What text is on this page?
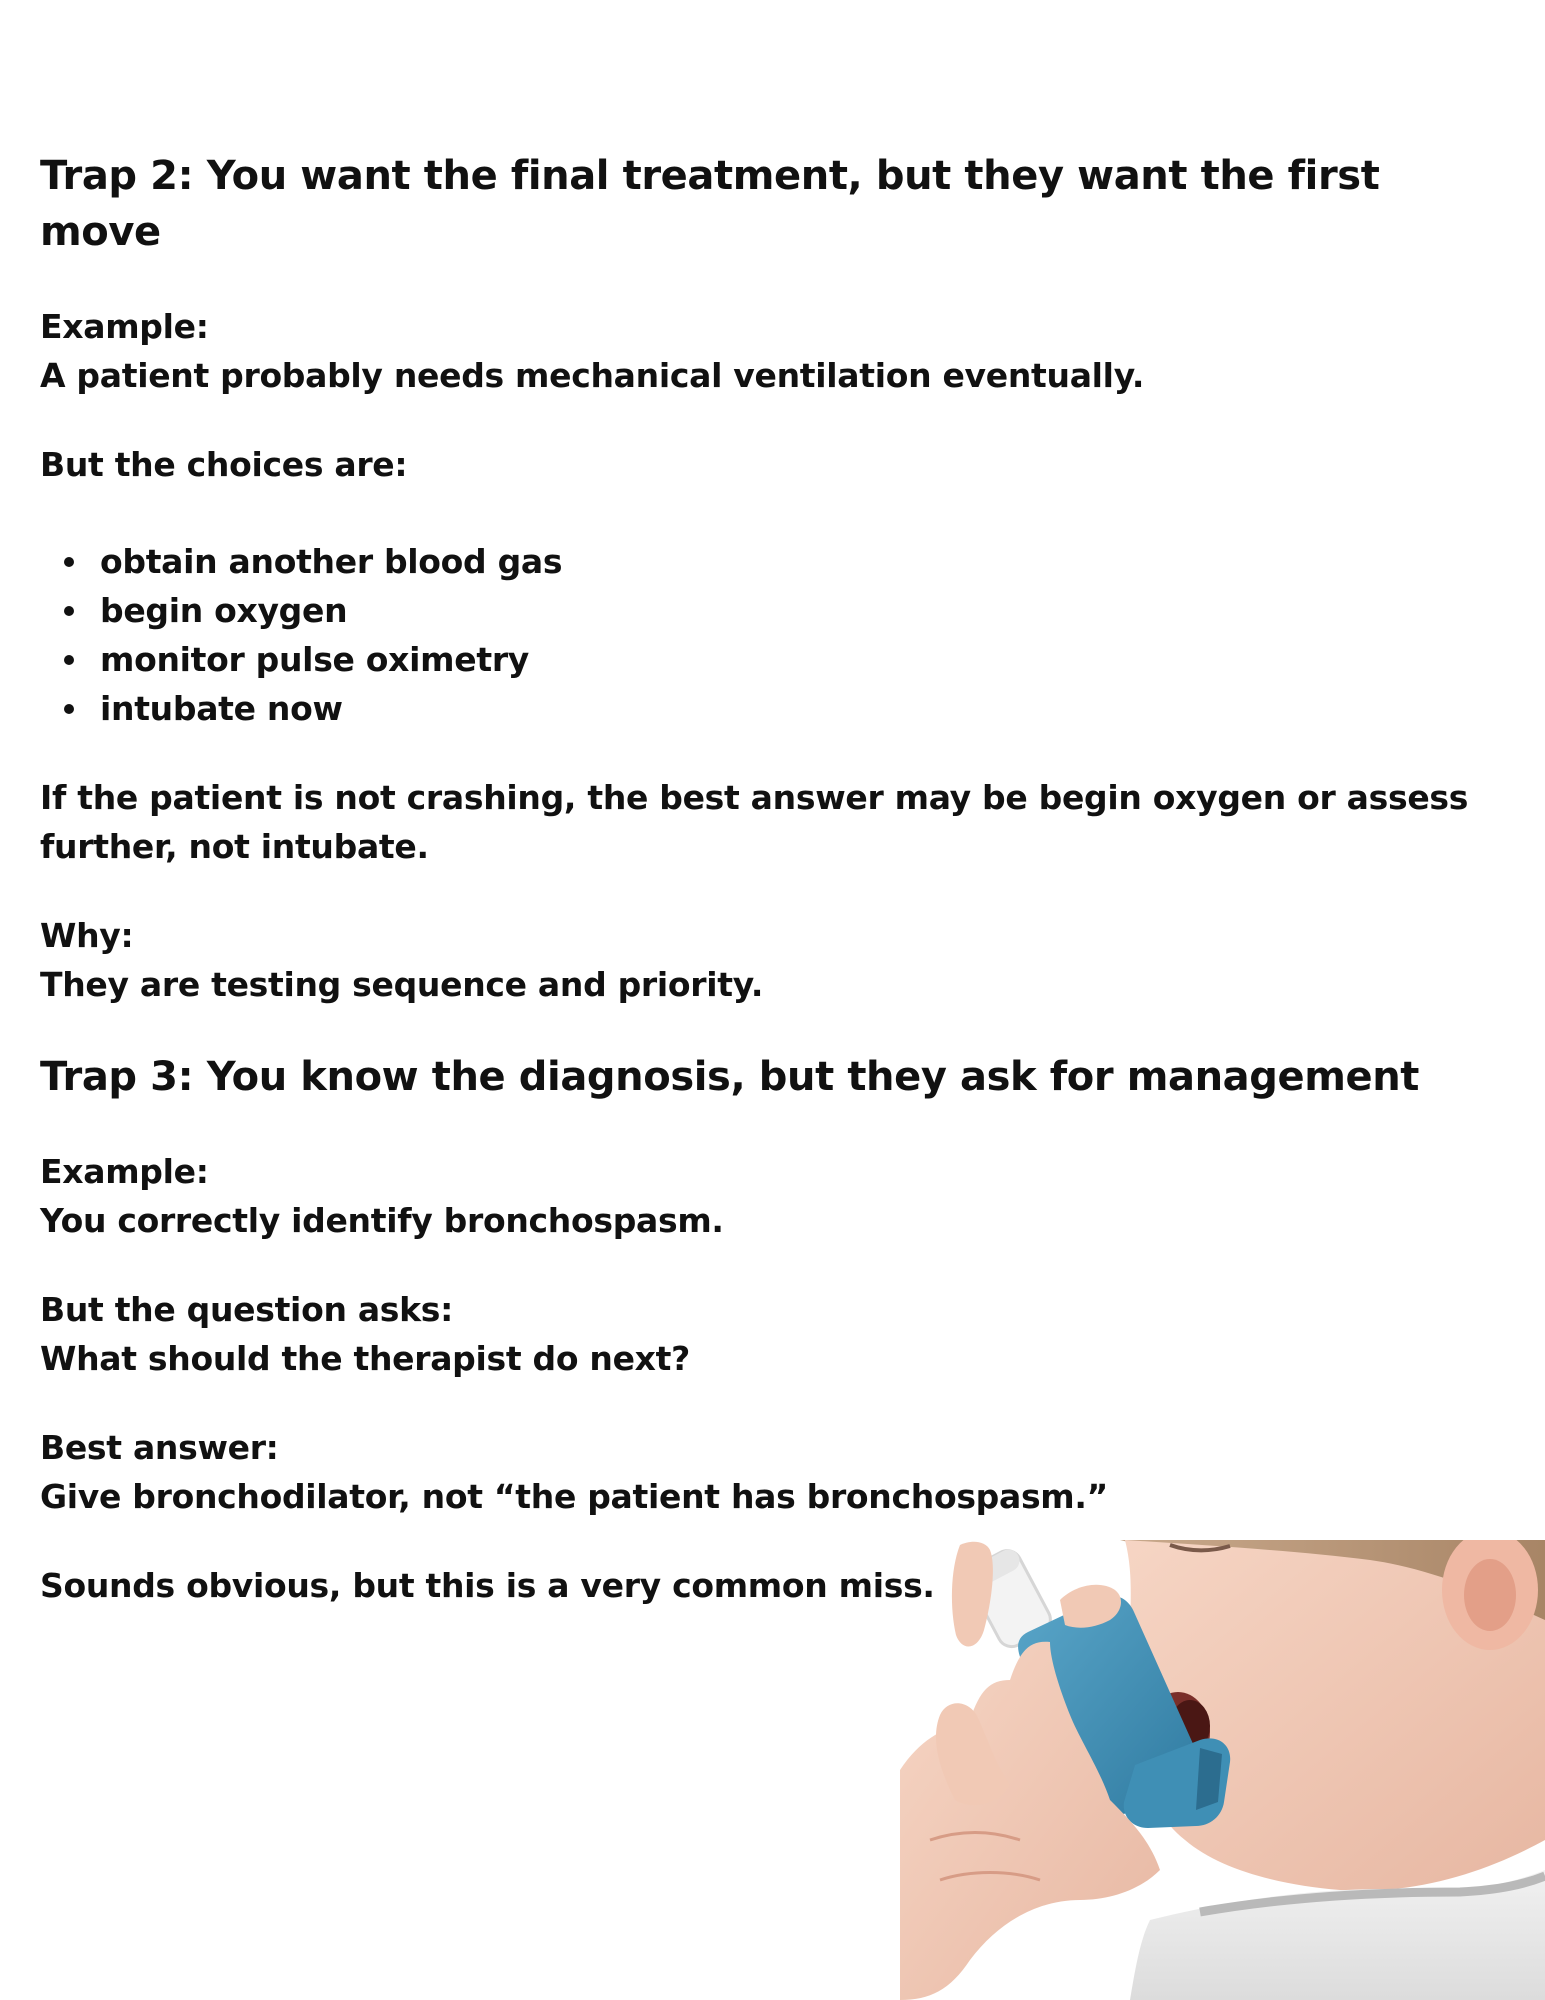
Trap 2: You want the final treatment, but they want the first move

Example:

A patient probably needs mechanical ventilation eventually.

But the choices are:

obtain another blood gas
begin oxygen
monitor pulse oximetry
intubate now

If the patient is not crashing, the best answer may be begin oxygen or assess further, not intubate.

Why:

They are testing sequence and priority.

Trap 3: You know the diagnosis, but they ask for management

Example:

You correctly identify bronchospasm.

But the question asks:

What should the therapist do next?

Best answer:

Give bronchodilator, not “the patient has bronchospasm.”

Sounds obvious, but this is a very common miss.
